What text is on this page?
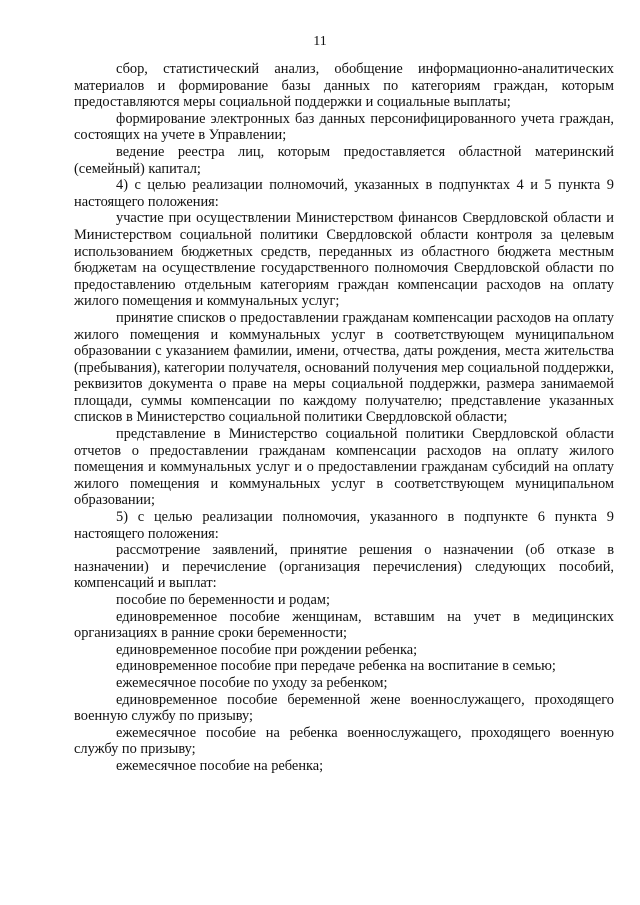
11

сбор, статистический анализ, обобщение информационно-аналитических материалов и формирование базы данных по категориям граждан, которым предоставляются меры социальной поддержки и социальные выплаты;

формирование электронных баз данных персонифицированного учета граждан, состоящих на учете в Управлении;

ведение реестра лиц, которым предоставляется областной материнский (семейный) капитал;

4) с целью реализации полномочий, указанных в подпунктах 4 и 5 пункта 9 настоящего положения:

участие при осуществлении Министерством финансов Свердловской области и Министерством социальной политики Свердловской области контроля за целевым использованием бюджетных средств, переданных из областного бюджета местным бюджетам на осуществление государственного полномочия Свердловской области по предоставлению отдельным категориям граждан компенсации расходов на оплату жилого помещения и коммунальных услуг;

принятие списков о предоставлении гражданам компенсации расходов на оплату жилого помещения и коммунальных услуг в соответствующем муниципальном образовании с указанием фамилии, имени, отчества, даты рождения, места жительства (пребывания), категории получателя, оснований получения мер социальной поддержки, реквизитов документа о праве на меры социальной поддержки, размера занимаемой площади, суммы компенсации по каждому получателю; представление указанных списков в Министерство социальной политики Свердловской области;

представление в Министерство социальной политики Свердловской области отчетов о предоставлении гражданам компенсации расходов на оплату жилого помещения и коммунальных услуг и о предоставлении гражданам субсидий на оплату жилого помещения и коммунальных услуг в соответствующем муниципальном образовании;

5) с целью реализации полномочия, указанного в подпункте 6 пункта 9 настоящего положения:

рассмотрение заявлений, принятие решения о назначении (об отказе в назначении) и перечисление (организация перечисления) следующих пособий, компенсаций и выплат:

пособие по беременности и родам;

единовременное пособие женщинам, вставшим на учет в медицинских организациях в ранние сроки беременности;

единовременное пособие при рождении ребенка;

единовременное пособие при передаче ребенка на воспитание в семью;

ежемесячное пособие по уходу за ребенком;

единовременное пособие беременной жене военнослужащего, проходящего военную службу по призыву;

ежемесячное пособие на ребенка военнослужащего, проходящего военную службу по призыву;

ежемесячное пособие на ребенка;
